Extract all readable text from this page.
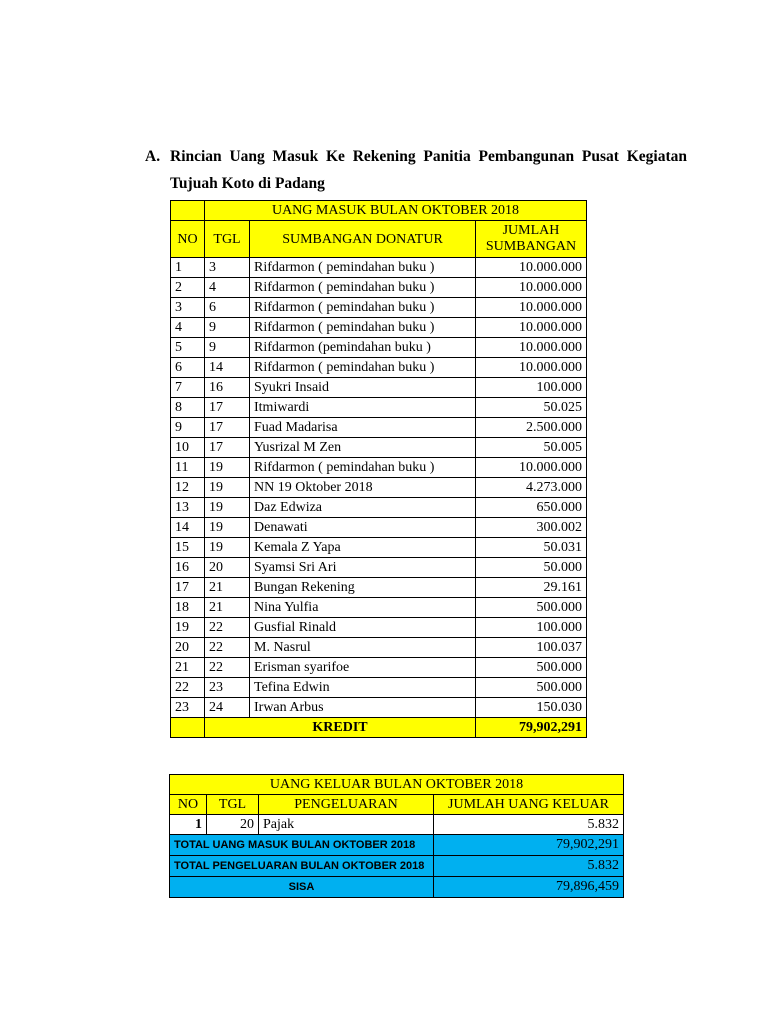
A. Rincian Uang Masuk Ke Rekening Panitia Pembangunan Pusat Kegiatan
Tujuah Koto di Padang
	UANG MASUK BULAN OKTOBER 2018		
NO	TGL	SUMBANGAN DONATUR	JUMLAH
SUMBANGAN

1	3	Rifdarmon ( pemindahan buku )	10.000.000
2	4	Rifdarmon ( pemindahan buku )	10.000.000
3	6	Rifdarmon ( pemindahan buku )	10.000.000
4	9	Rifdarmon ( pemindahan buku )	10.000.000
5	9	Rifdarmon (pemindahan buku )	10.000.000
6	14	Rifdarmon ( pemindahan buku )	10.000.000
7	16	Syukri Insaid	100.000
8	17	Itmiwardi	50.025
9	17	Fuad Madarisa	2.500.000
10	17	Yusrizal M Zen	50.005
11	19	Rifdarmon ( pemindahan buku )	10.000.000
12	19	NN 19 Oktober 2018	4.273.000
13	19	Daz Edwiza	650.000
14	19	Denawati	300.002
15	19	Kemala Z Yapa	50.031
16	20	Syamsi Sri Ari	50.000
17	21	Bungan Rekening	29.161
18	21	Nina Yulfia	500.000
19	22	Gusfial Rinald	100.000
20	22	M. Nasrul	100.037
21	22	Erisman syarifoe	500.000
22	23	Tefina Edwin	500.000
23	24	Irwan Arbus	150.030
	KREDIT		79,902,291
UANG KELUAR BULAN OKTOBER 2018			
NO	TGL	PENGELUARAN	JUMLAH UANG KELUAR
1	20	Pajak	5.832
TOTAL UANG MASUK BULAN OKTOBER 2018			79,902,291
TOTAL PENGELUARAN BULAN OKTOBER 2018			5.832
SISA			79,896,459
